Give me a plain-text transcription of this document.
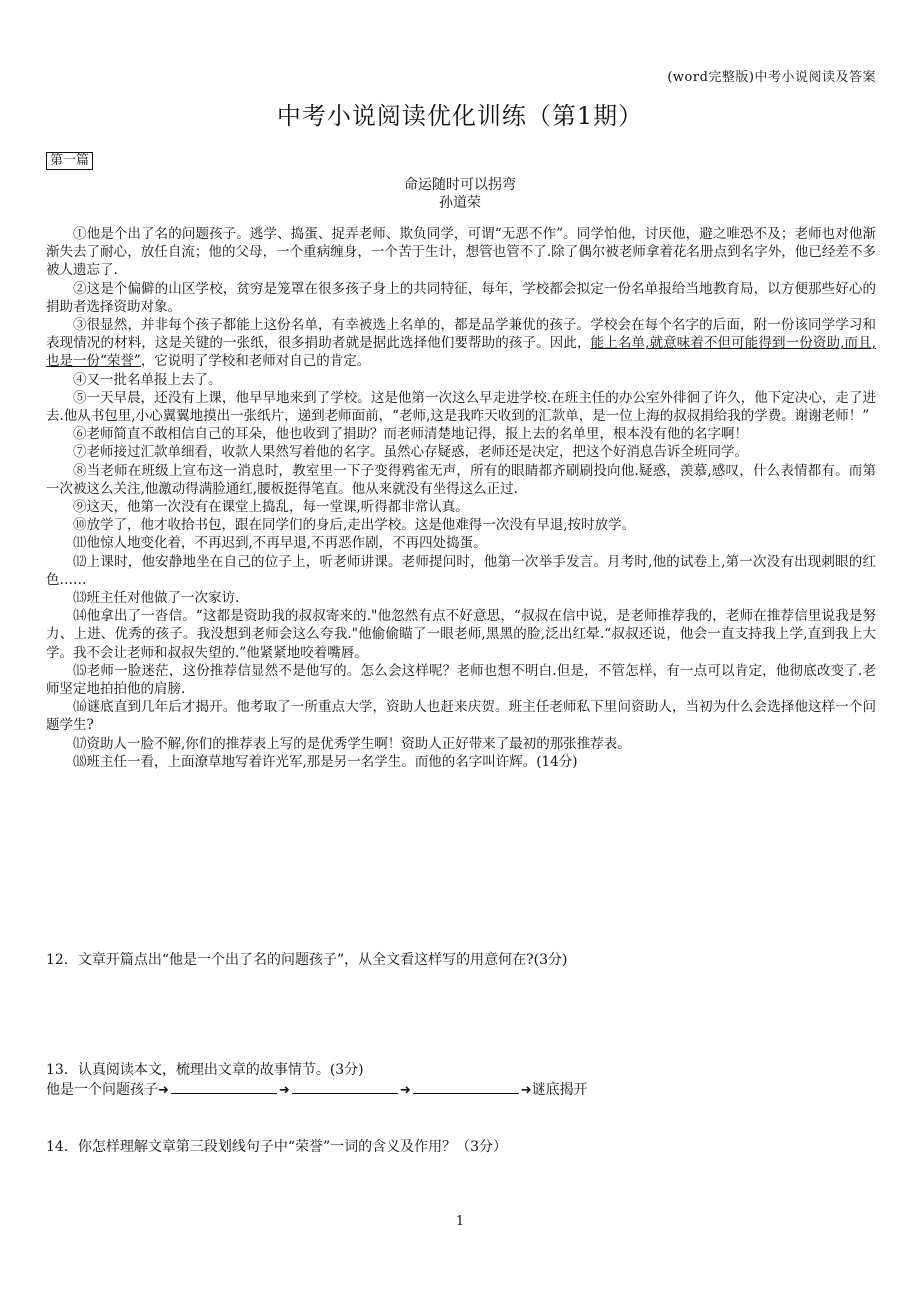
(word完整版)中考小说阅读及答案
中考小说阅读优化训练（第1期）
第一篇
命运随时可以拐弯
孙道荣

①他是个出了名的问题孩子。逃学、捣蛋、捉弄老师、欺负同学，可谓“无恶不作”。同学怕他，讨厌他，避之唯恐不及；老师也对他渐渐失去了耐心，放任自流；他的父母，一个重病缠身，一个苦于生计，想管也管不了.除了偶尔被老师拿着花名册点到名字外，他已经差不多被人遗忘了.

②这是个偏僻的山区学校，贫穷是笼罩在很多孩子身上的共同特征，每年，学校都会拟定一份名单报给当地教育局，以方便那些好心的捐助者选择资助对象。

③很显然，并非每个孩子都能上这份名单，有幸被选上名单的，都是品学兼优的孩子。学校会在每个名字的后面，附一份该同学学习和表现情况的材料，这是关键的一张纸，很多捐助者就是据此选择他们要帮助的孩子。因此，能上名单,就意味着不但可能得到一份资助,而且,也是一份“荣誉”，它说明了学校和老师对自己的肯定。

④又一批名单报上去了。

⑤一天早晨，还没有上课，他早早地来到了学校。这是他第一次这么早走进学校.在班主任的办公室外徘徊了许久，他下定决心，走了进去.他从书包里,小心翼翼地摸出一张纸片，递到老师面前，“老师,这是我昨天收到的汇款单，是一位上海的叔叔捐给我的学费。谢谢老师！”

⑥老师简直不敢相信自己的耳朵，他也收到了捐助？而老师清楚地记得，报上去的名单里，根本没有他的名字啊！

⑦老师接过汇款单细看，收款人果然写着他的名字。虽然心存疑惑，老师还是决定，把这个好消息告诉全班同学。

⑧当老师在班级上宣布这一消息时，教室里一下子变得鸦雀无声，所有的眼睛都齐刷刷投向他.疑惑，羡慕,感叹，什么表情都有。而第一次被这么关注,他激动得满脸通红,腰板挺得笔直。他从来就没有坐得这么正过.

⑨这天，他第一次没有在课堂上捣乱，每一堂课,听得都非常认真。

⑩放学了，他才收拾书包，跟在同学们的身后,走出学校。这是他难得一次没有早退,按时放学。

⑾他惊人地变化着，不再迟到,不再早退,不再恶作剧，不再四处捣蛋。

⑿上课时，他安静地坐在自己的位子上，听老师讲课。老师提问时，他第一次举手发言。月考时,他的试卷上,第一次没有出现刺眼的红色……

⒀班主任对他做了一次家访.

⒁他拿出了一沓信。“这都是资助我的叔叔寄来的."他忽然有点不好意思，“叔叔在信中说，是老师推荐我的，老师在推荐信里说我是努力、上进、优秀的孩子。我没想到老师会这么夸我."他偷偷瞄了一眼老师,黑黑的脸,泛出红晕.“叔叔还说，他会一直支持我上学,直到我上大学。我不会让老师和叔叔失望的.”他紧紧地咬着嘴唇。

⒂老师一脸迷茫，这份推荐信显然不是他写的。怎么会这样呢？老师也想不明白.但是，不管怎样，有一点可以肯定，他彻底改变了.老师坚定地拍拍他的肩膀.

⒃谜底直到几年后才揭开。他考取了一所重点大学，资助人也赶来庆贺。班主任老师私下里问资助人，当初为什么会选择他这样一个问题学生?

⒄资助人一脸不解,你们的推荐表上写的是优秀学生啊！资助人正好带来了最初的那张推荐表。

⒅班主任一看，上面潦草地写着许光军,那是另一名学生。而他的名字叫许辉。(14分)

12．文章开篇点出“他是一个出了名的问题孩子”，从全文看这样写的用意何在?(3分)
13．认真阅读本文，梳理出文章的故事情节。(3分)
他是一个问题孩子➜	➜	➜	➜谜底揭开
14．你怎样理解文章第三段划线句子中“荣誉”一词的含义及作用？（3分）
1
